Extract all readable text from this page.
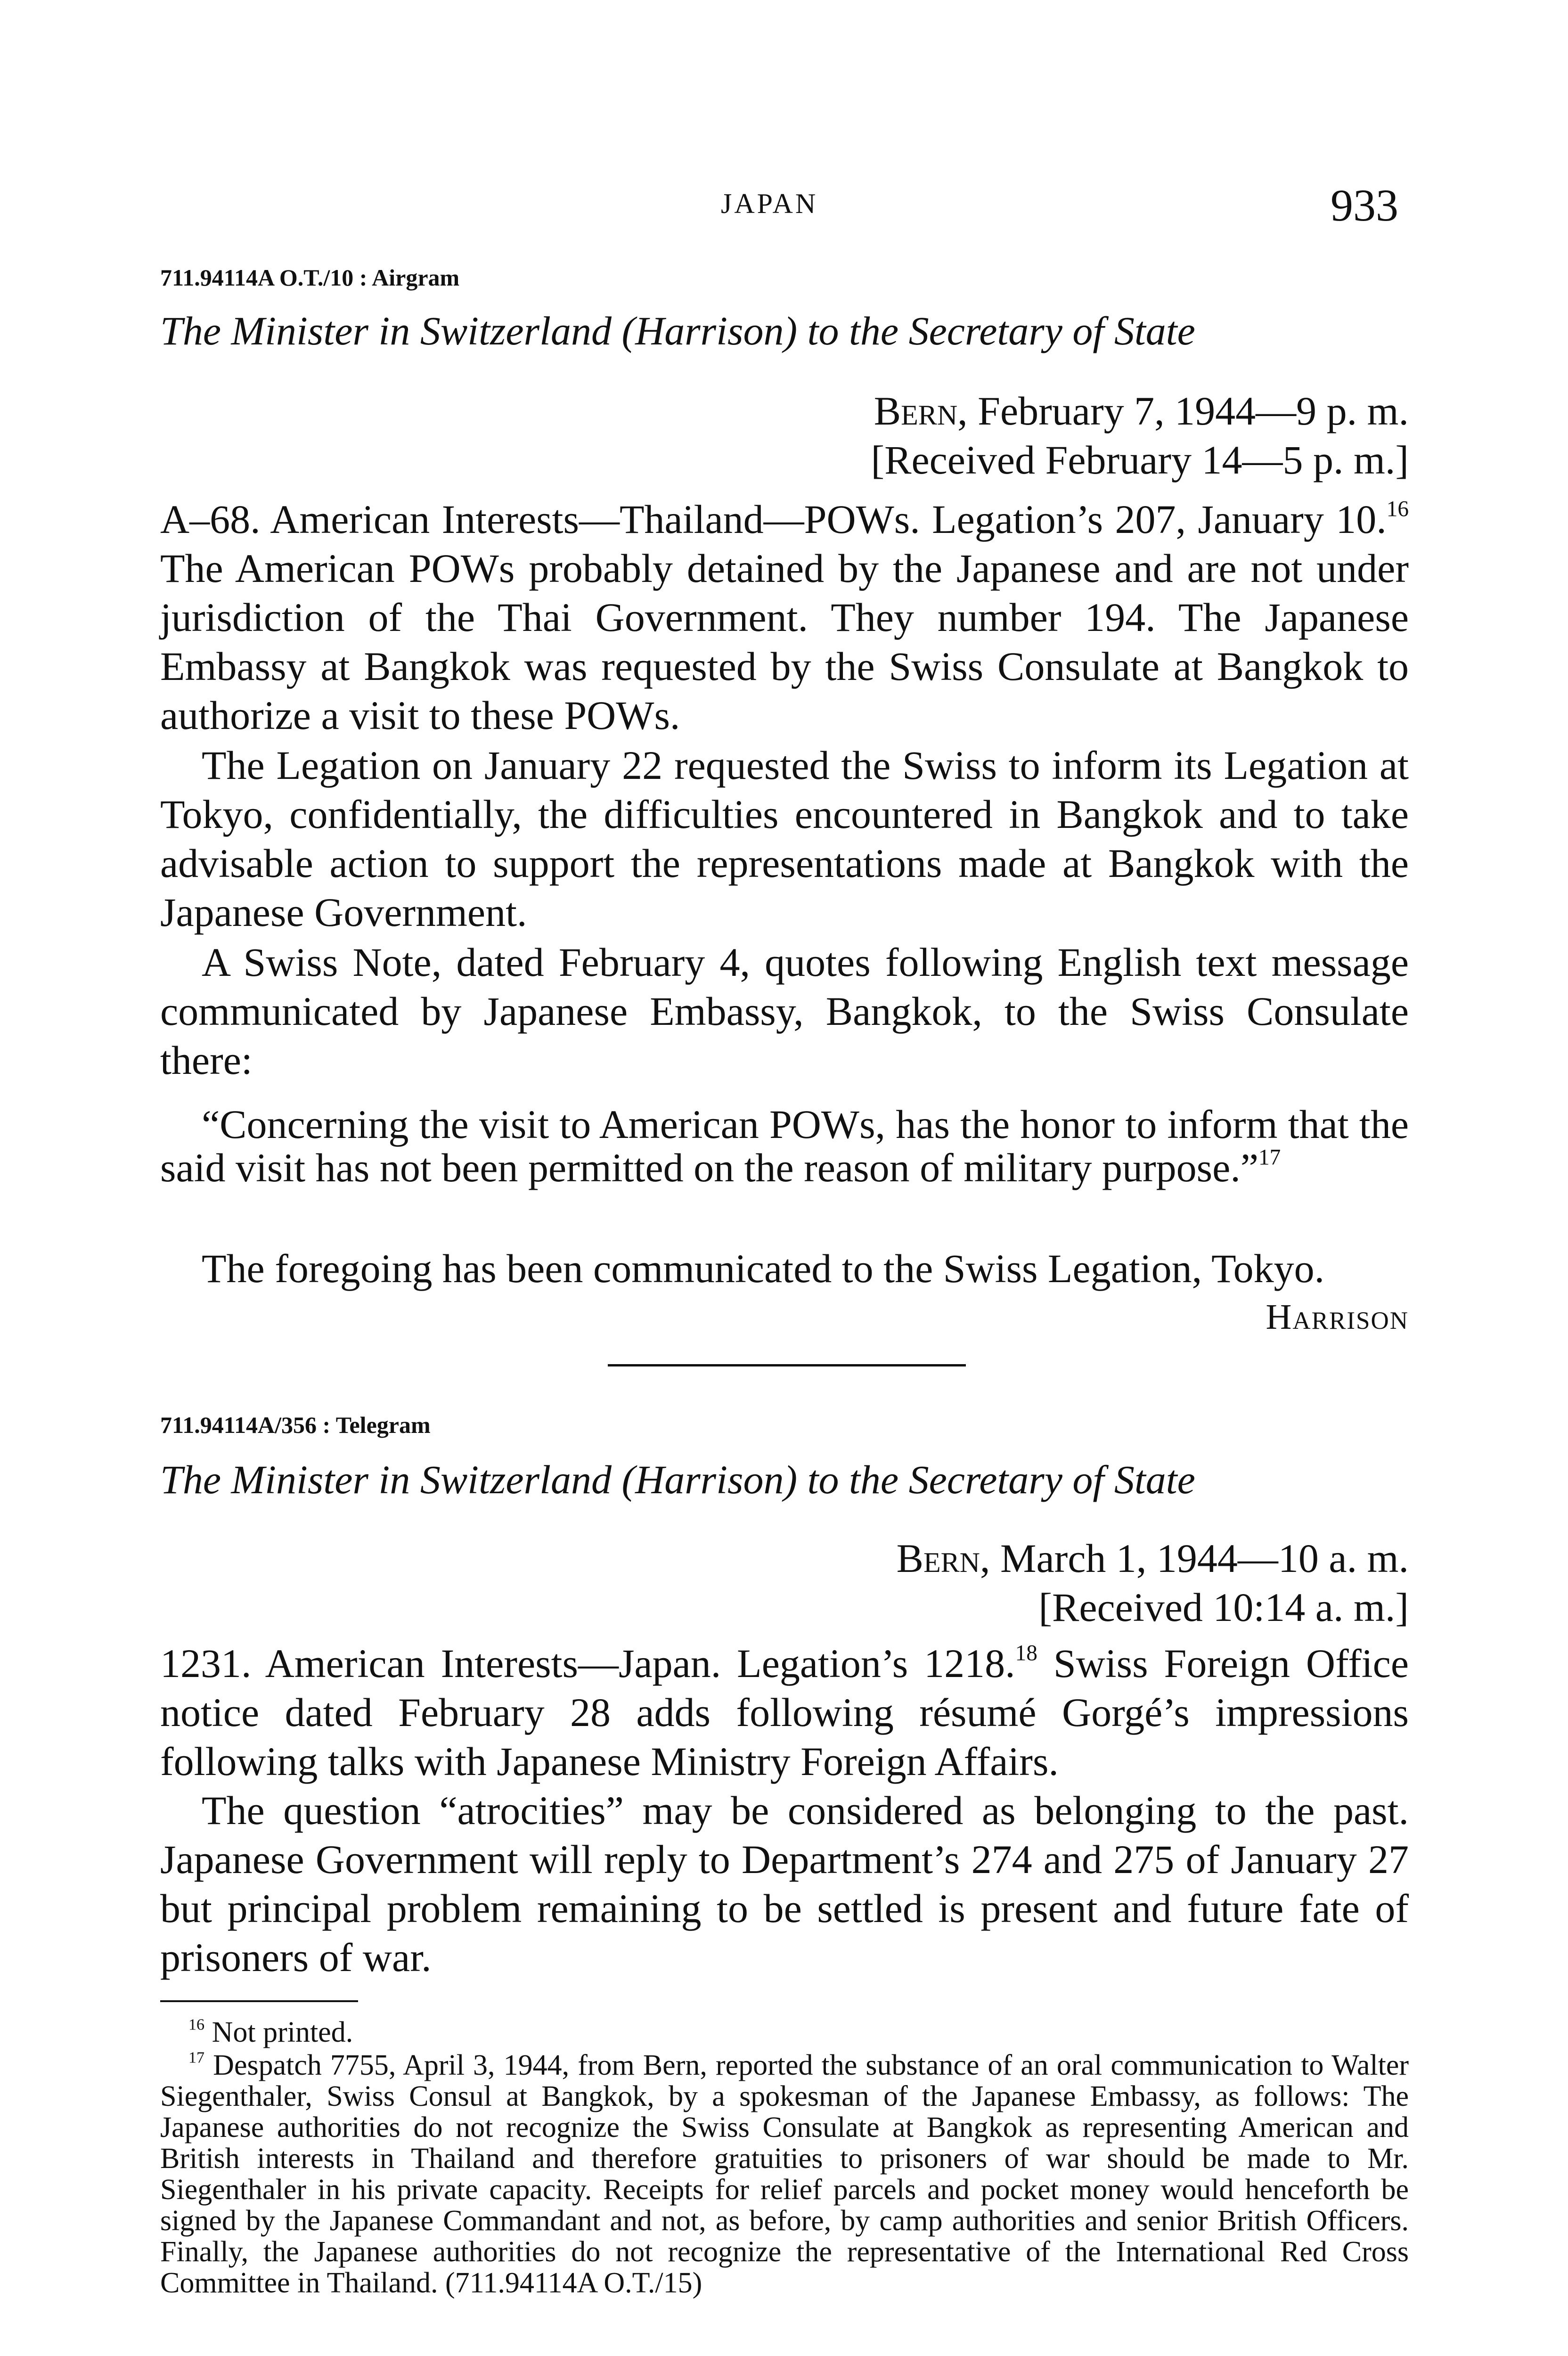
JAPAN	933
711.94114A O.T./10 : Airgram
The Minister in Switzerland (Harrison) to the Secretary of State
Bern, February 7, 1944—9 p. m.
[Received February 14—5 p. m.]
A–68. American Interests—Thailand—POWs. Legation’s 207, January 10.16 The American POWs probably detained by the Japanese and are not under jurisdiction of the Thai Government. They number 194. The Japanese Embassy at Bangkok was requested by the Swiss Consulate at Bangkok to authorize a visit to these POWs.
The Legation on January 22 requested the Swiss to inform its Legation at Tokyo, confidentially, the difficulties encountered in Bangkok and to take advisable action to support the representations made at Bangkok with the Japanese Government.
A Swiss Note, dated February 4, quotes following English text message communicated by Japanese Embassy, Bangkok, to the Swiss Consulate there:
“Concerning the visit to American POWs, has the honor to inform that the said visit has not been permitted on the reason of military purpose.”$^{17}$
The foregoing has been communicated to the Swiss Legation, Tokyo.
Harrison
711.94114A/356 : Telegram
The Minister in Switzerland (Harrison) to the Secretary of State
Bern, March 1, 1944—10 a. m.
[Received 10:14 a. m.]
1231. American Interests—Japan. Legation’s 1218.18 Swiss Foreign Office notice dated February 28 adds following résumé Gorgé’s impressions following talks with Japanese Ministry Foreign Affairs.
The question “atrocities” may be considered as belonging to the past. Japanese Government will reply to Department’s 274 and 275 of January 27 but principal problem remaining to be settled is present and future fate of prisoners of war.
$^{16}$ Not printed.
$^{17}$ Despatch 7755, April 3, 1944, from Bern, reported the substance of an oral communication to Walter Siegenthaler, Swiss Consul at Bangkok, by a spokesman of the Japanese Embassy, as follows: The Japanese authorities do not recognize the Swiss Consulate at Bangkok as representing American and British interests in Thailand and therefore gratuities to prisoners of war should be made to Mr. Siegenthaler in his private capacity. Receipts for relief parcels and pocket money would henceforth be signed by the Japanese Commandant and not, as before, by camp authorities and senior British Officers. Finally, the Japanese authorities do not recognize the representative of the International Red Cross Committee in Thailand. (711.94114A O.T./15)
